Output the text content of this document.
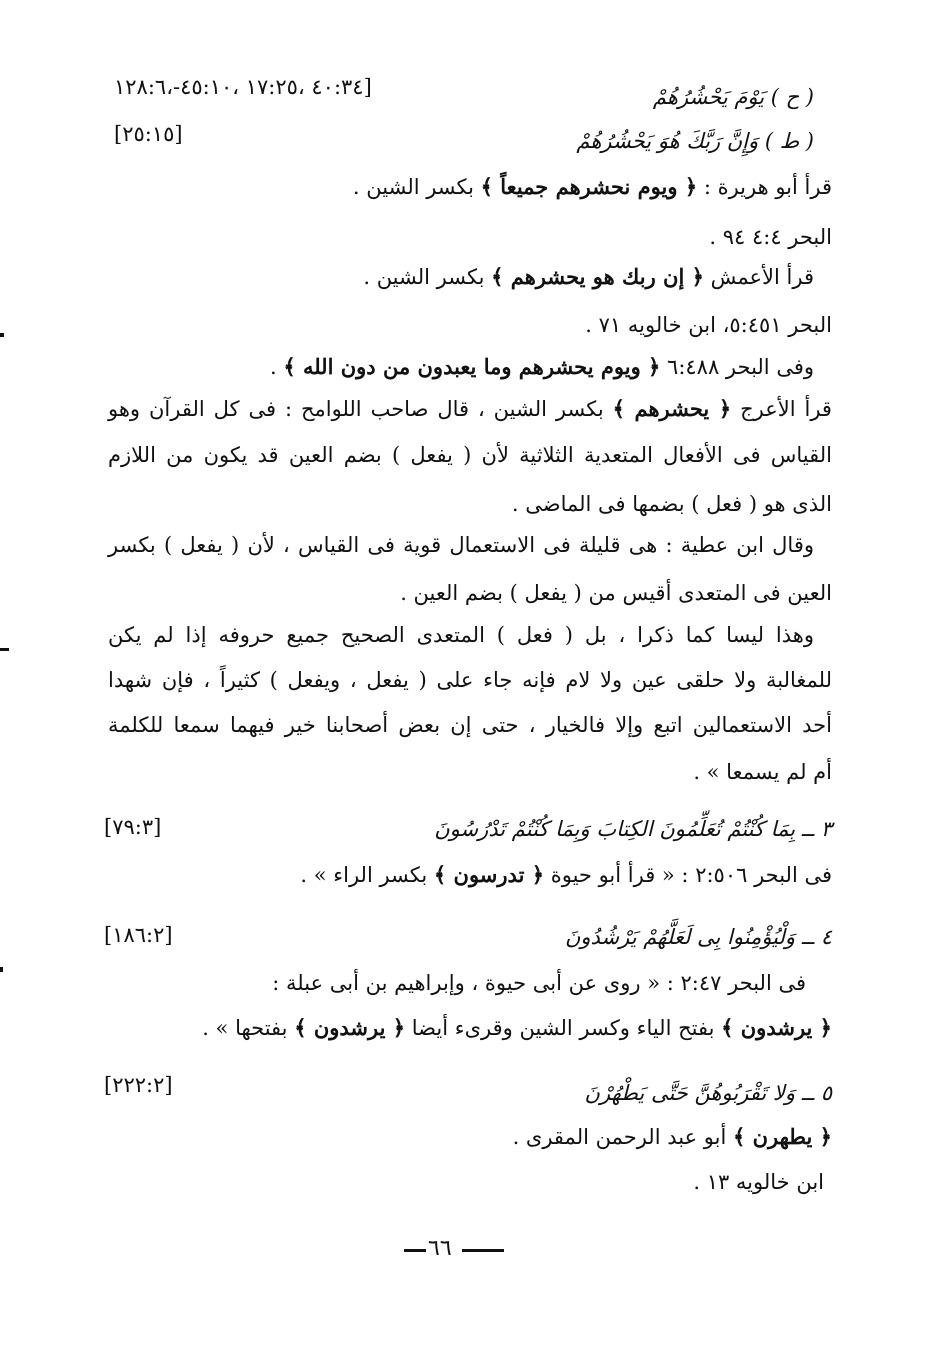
( ح ) يَوْمَ يَحْشُرُهُمْ
[٤٠:٣٤ ،١٧:٢٥ ،٤٥:١٠-،١٢٨:٦
( ط ) وَإِنَّ رَبَّكَ هُوَ يَحْشُرُهُمْ
[٢٥:١٥]
قرأ أبو هريرة : ﴿ ويوم نحشرهم جميعاً ﴾ بكسر الشين .
البحر ٤:٤ ٩٤ .
قرأ الأعمش ﴿ إن ربك هو يحشرهم ﴾ بكسر الشين .
البحر ٥:٤٥١، ابن خالويه ٧١ .
وفى البحر ٦:٤٨٨ ﴿ ويوم يحشرهم وما يعبدون من دون الله ﴾ .
قرأ الأعرج ﴿ يحشرهم ﴾ بكسر الشين ، قال صاحب اللوامح : فى كل القرآن وهو
القياس فى الأفعال المتعدية الثلاثية لأن ( يفعل ) بضم العين قد يكون من اللازم
الذى هو ( فعل ) بضمها فى الماضى .
وقال ابن عطية : هى قليلة فى الاستعمال قوية فى القياس ، لأن ( يفعل ) بكسر
العين فى المتعدى أقيس من ( يفعل ) بضم العين .
وهذا ليسا كما ذكرا ، بل ( فعل ) المتعدى الصحيح جميع حروفه إذا لم يكن
للمغالبة ولا حلقى عين ولا لام فإنه جاء على ( يفعل ، ويفعل ) كثيراً ، فإن شهدا
أحد الاستعمالين اتبع وإلا فالخيار ، حتى إن بعض أصحابنا خير فيهما سمعا للكلمة
أم لم يسمعا » .
٣ ــ بِمَا كُنْتُمْ تُعَلِّمُونَ الكِتابَ وَبِمَا كُنْتُمْ تَدْرُسُونَ
[٧٩:٣]
فى البحر ٢:٥٠٦ : « قرأ أبو حيوة ﴿ تدرسون ﴾ بكسر الراء » .
٤ ــ وَلْيُؤْمِنُوا بِى لَعَلَّهُمْ يَرْشُدُونَ
[١٨٦:٢]
فى البحر ٢:٤٧ : « روى عن أبى حيوة ، وإبراهيم بن أبى عبلة :
﴿ يرشدون ﴾ بفتح الياء وكسر الشين وقرىء أيضا ﴿ يرشدون ﴾ بفتحها » .
٥ ــ وَلا تَقْرَبُوهُنَّ حَتَّى يَطْهُرْنَ
[٢٢٢:٢]
﴿ يطهرن ﴾ أبو عبد الرحمن المقرى .
ابن خالويه ١٣ .
٦٦
